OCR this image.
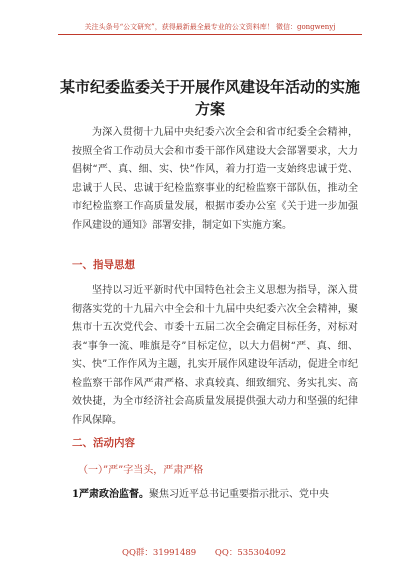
关注头条号“公文研究”，获得最新最全最专业的公文资料库！ 微信：gongwenyj
某市纪委监委关于开展作风建设年活动的实施
方案

为深入贯彻十九届中央纪委六次全会和省市纪委全会精神，按照全省工作动员大会和市委干部作风建设大会部署要求，大力倡树“严、真、细、实、快”作风，着力打造一支始终忠诚于党、忠诚于人民、忠诚于纪检监察事业的纪检监察干部队伍，推动全市纪检监察工作高质量发展，根据市委办公室《关于进一步加强作风建设的通知》部署安排，制定如下实施方案。

一、指导思想

坚持以习近平新时代中国特色社会主义思想为指导，深入贯彻落实党的十九届六中全会和十九届中央纪委六次全会精神，聚焦市十五次党代会、市委十五届二次全会确定目标任务，对标对表“事争一流、唯旗是夺”目标定位，以大力倡树“严、真、细、实、快”工作作风为主题，扎实开展作风建设年活动，促进全市纪检监察干部作风严肃严格、求真较真、细致细究、务实扎实、高效快捷，为全市经济社会高质量发展提供强大动力和坚强的纪律作风保障。

二、活动内容

（一）”严”字当头，严肃严格

1严肃政治监督。聚焦习近平总书记重要指示批示、党中央

QQ群：31991489 QQ：535304092
